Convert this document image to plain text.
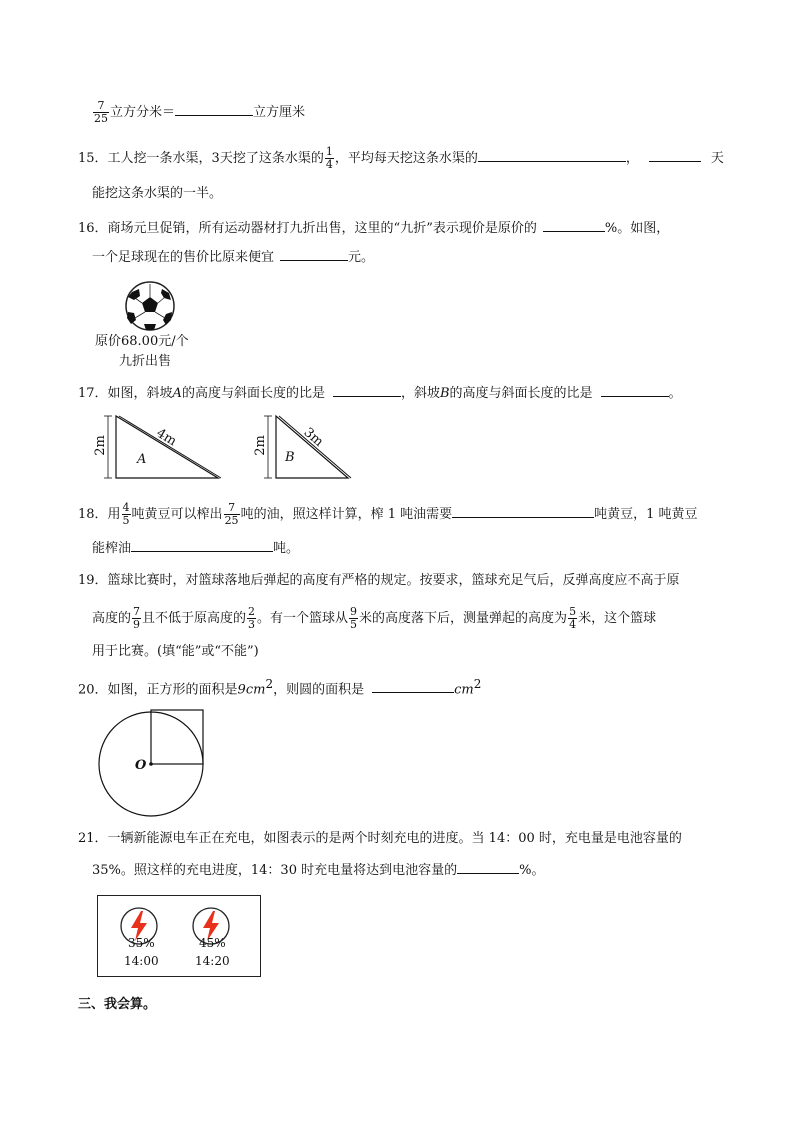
$\frac{7}{25}$ 立方分米＝	立方厘米
15．工人挖一条水渠，3天挖了这条水渠的 $\frac{1}{4}$ ，平均每天挖这条水渠的	，	天
能挖这条水渠的一半。
16．商场元旦促销，所有运动器材打九折出售，这里的“九折”表示现价是原价的	%。如图，
一个足球现在的售价比原来便宜	元。
原价68.00元/个
九折出售
17．如图，斜坡A的高度与斜面长度的比是	，斜坡B的高度与斜面长度的比是	。
2m	4m
A
2m	3m
B
18．用 $\frac{4}{5}$ 吨黄豆可以榨出 $\frac{7}{25}$ 吨的油，照这样计算，榨 1 吨油需要	吨黄豆，1 吨黄豆
能榨油	吨。
19．篮球比赛时，对篮球落地后弹起的高度有严格的规定。按要求，篮球充足气后，反弹高度应不高于原
高度的 $\frac{7}{9}$ 且不低于原高度的 $\frac{2}{3}$ 。有一个篮球从 $\frac{9}{5}$ 米的高度落下后，测量弹起的高度为 $\frac{5}{4}$ 米，这个篮球
用于比赛。(填“能”或“不能”)
20．如图，正方形的面积是$9cm^2$，则圆的面积是	$cm^2$
O
21．一辆新能源电车正在充电，如图表示的是两个时刻充电的进度。当 14：00 时，充电量是电池容量的
35%。照这样的充电进度，14：30 时充电量将达到电池容量的	%。
35%
14:00
45%
14:20
三、我会算。
